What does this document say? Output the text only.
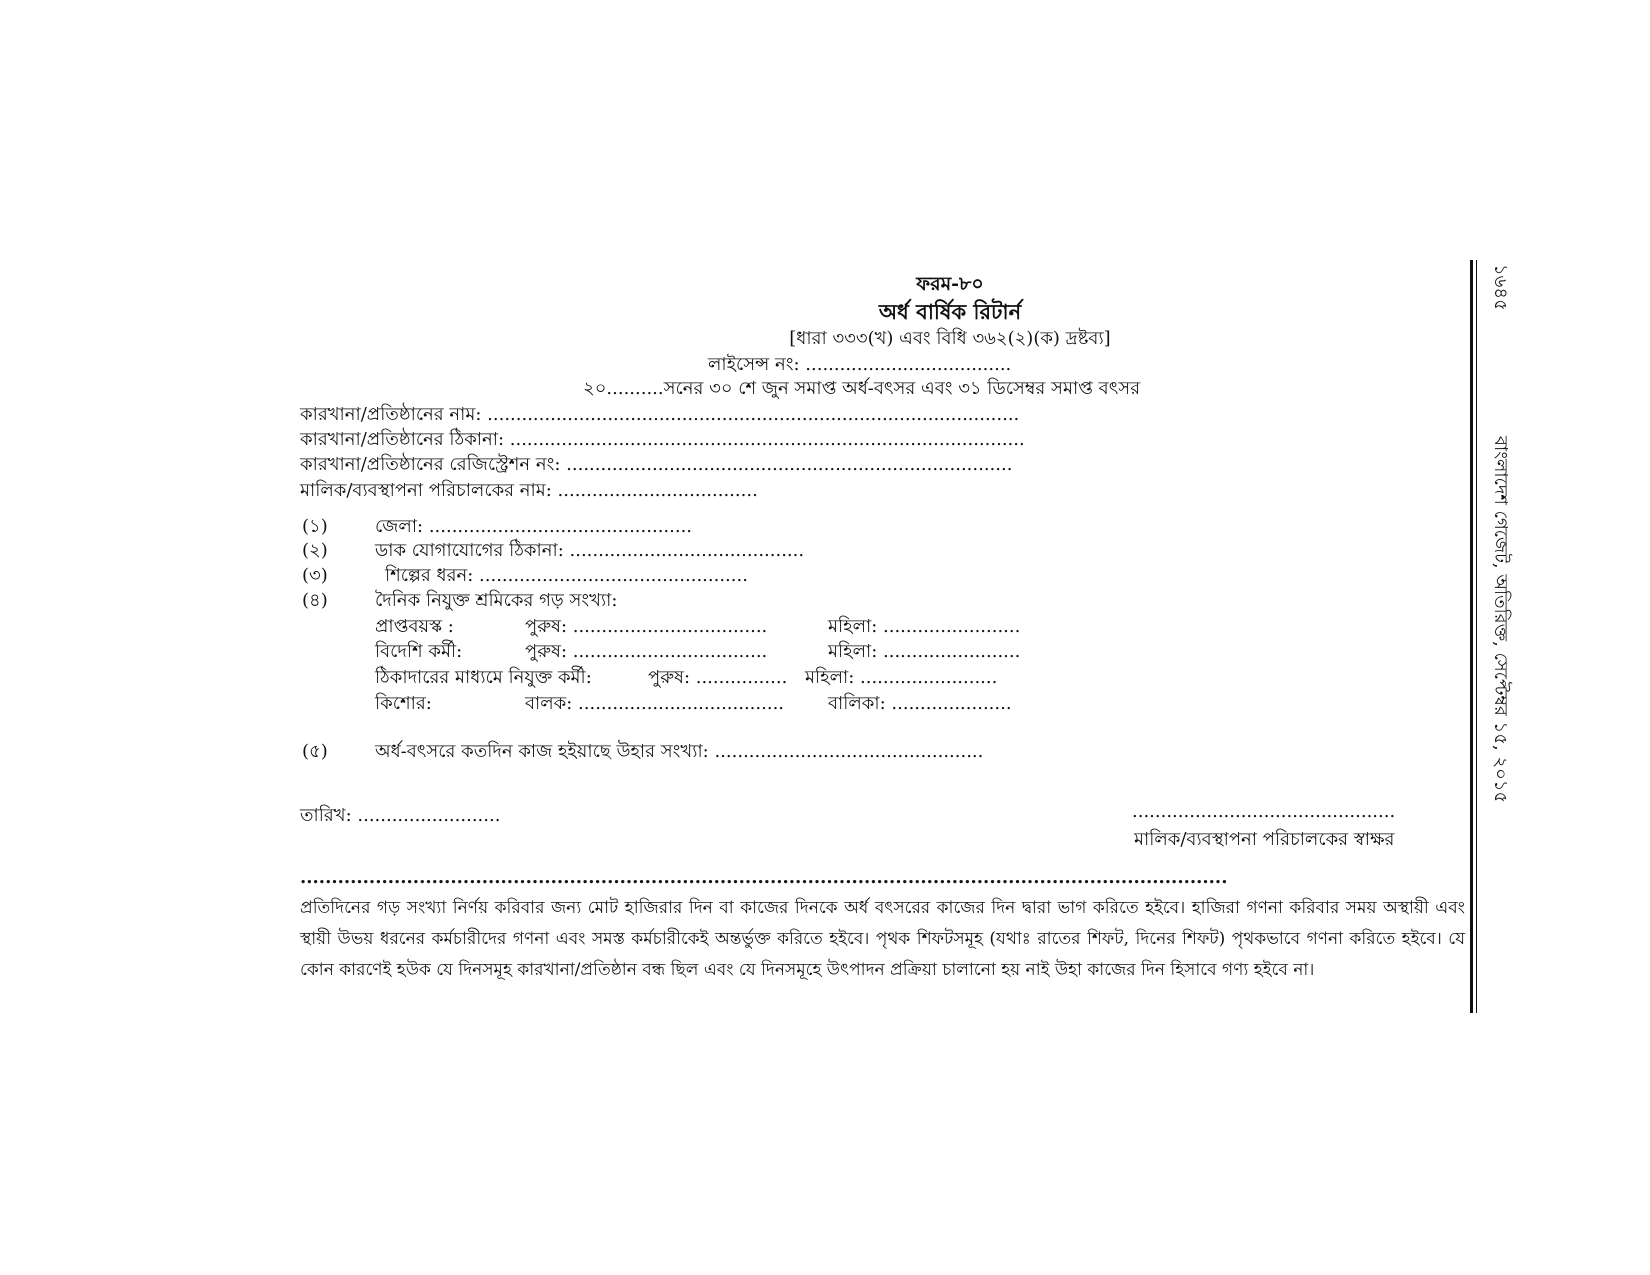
ফরম-৮০
অর্ধ বার্ষিক রিটার্ন
[ধারা ৩৩৩(খ) এবং বিধি ৩৬২(২)(ক) দ্রষ্টব্য]
লাইসেন্স নং: ....................................
২০..........সনের ৩০ শে জুন সমাপ্ত অর্ধ-বৎসর এবং ৩১ ডিসেম্বর সমাপ্ত বৎসর
কারখানা/প্রতিষ্ঠানের নাম: .............................................................................................
কারখানা/প্রতিষ্ঠানের ঠিকানা: ..........................................................................................
কারখানা/প্রতিষ্ঠানের রেজিস্ট্রেশন নং: ..............................................................................
মালিক/ব্যবস্থাপনা পরিচালকের নাম: ...................................
(১)	জেলা: ..............................................
(২)	ডাক যোগাযোগের ঠিকানা: .........................................
(৩)	শিল্পের ধরন: ...............................................
(৪)	দৈনিক নিযুক্ত শ্রমিকের গড় সংখ্যা:
প্রাপ্তবয়স্ক :	পুরুষ: ..................................	মহিলা: ........................
বিদেশি কর্মী:	পুরুষ: ..................................	মহিলা: ........................
ঠিকাদারের মাধ্যমে নিযুক্ত কর্মী:	পুরুষ: ................ মহিলা: ........................
কিশোর:	বালক: .................................... বালিকা: .....................
(৫)	অর্ধ-বৎসরে কতদিন কাজ হইয়াছে উহার সংখ্যা: ...............................................
তারিখ: .........................	..............................................
মালিক/ব্যবস্থাপনা পরিচালকের স্বাক্ষর
....................................................................................................................................................
প্রতিদিনের গড় সংখ্যা নির্ণয় করিবার জন্য মোট হাজিরার দিন বা কাজের দিনকে অর্ধ বৎসরের কাজের দিন দ্বারা ভাগ করিতে হইবে। হাজিরা গণনা করিবার সময় অস্থায়ী এবং স্থায়ী উভয় ধরনের কর্মচারীদের গণনা এবং সমস্ত কর্মচারীকেই অন্তর্ভুক্ত করিতে হইবে। পৃথক শিফটসমূহ (যথাঃ রাতের শিফট, দিনের শিফট) পৃথকভাবে গণনা করিতে হইবে। যে কোন কারণেই হউক যে দিনসমূহ কারখানা/প্রতিষ্ঠান বন্ধ ছিল এবং যে দিনসমূহে উৎপাদন প্রক্রিয়া চালানো হয় নাই উহা কাজের দিন হিসাবে গণ্য হইবে না।
১৬৪৫
বাংলাদেশ গেজেট, অতিরিক্ত, সেপ্টেম্বর ১৫, ২০১৫
